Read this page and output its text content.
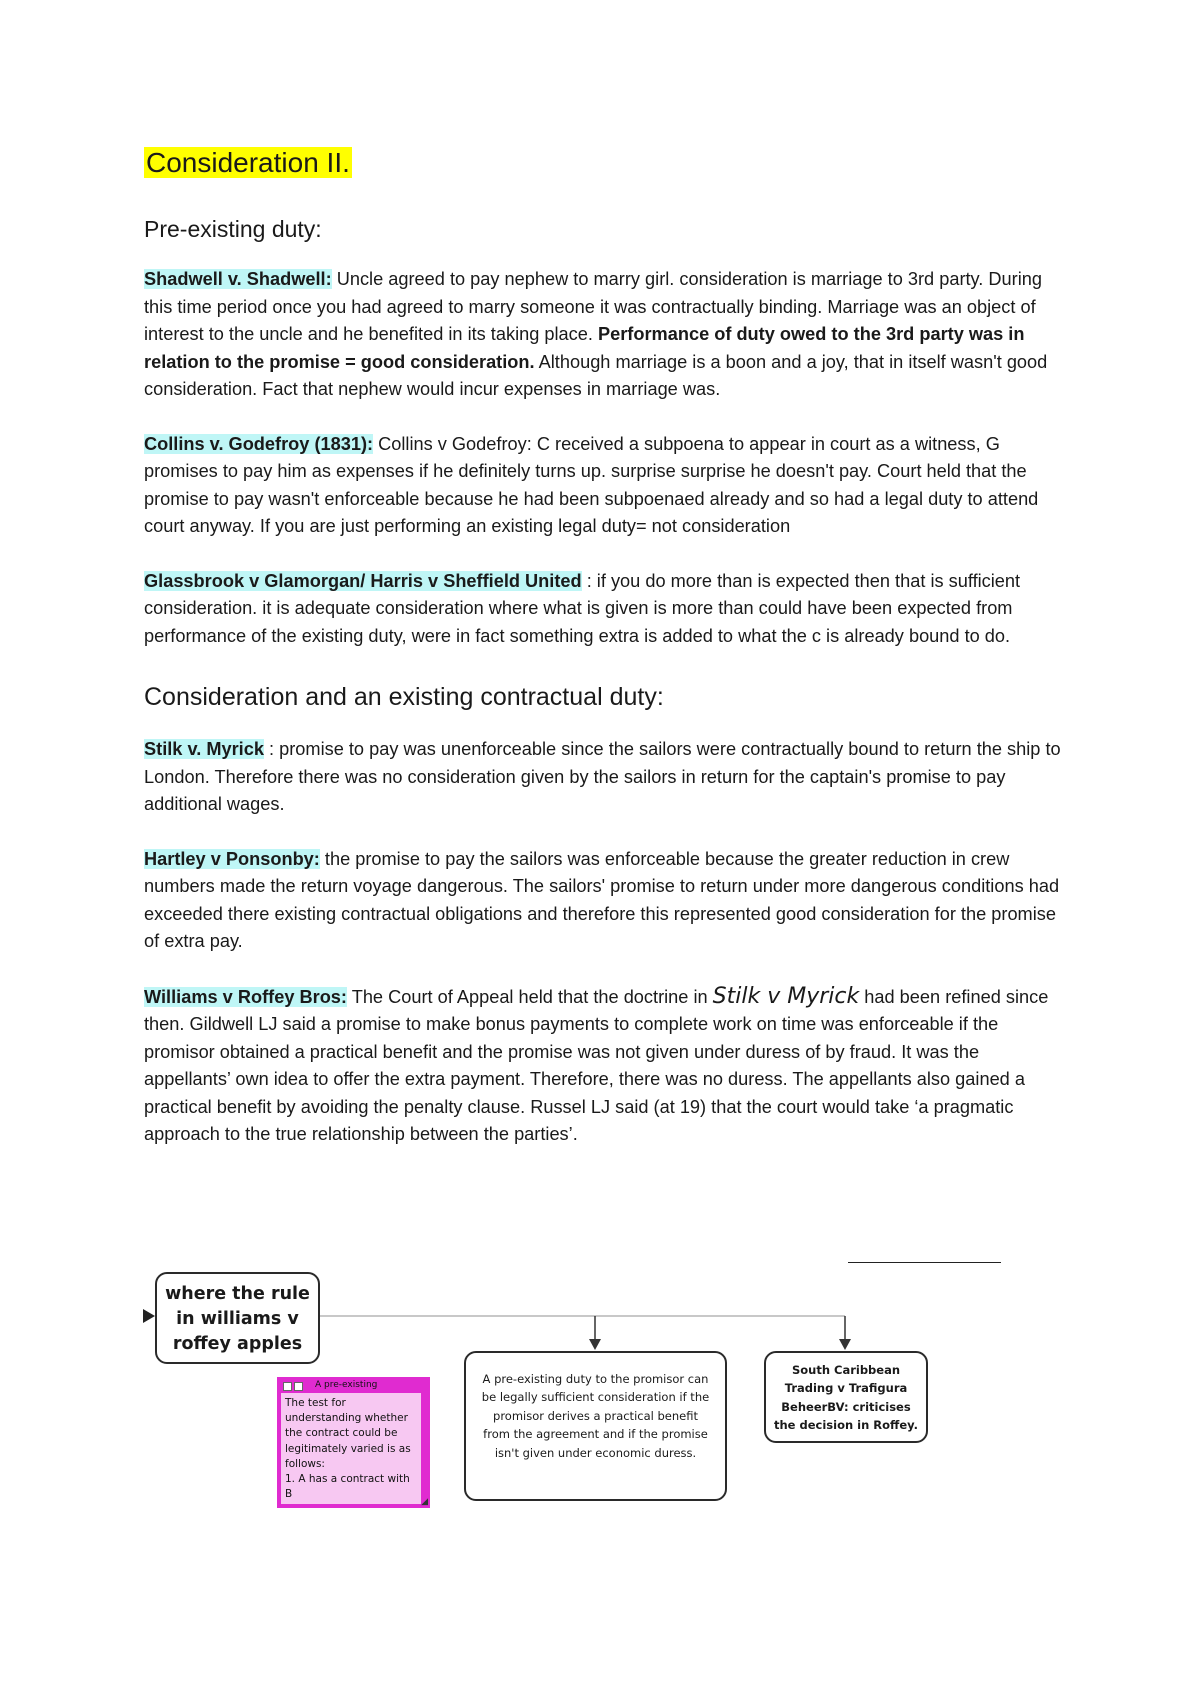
Consideration II.
Pre-existing duty:

Shadwell v. Shadwell: Uncle agreed to pay nephew to marry girl. consideration is marriage to 3rd party. During this time period once you had agreed to marry someone it was contractually binding. Marriage was an object of interest to the uncle and he benefited in its taking place. Performance of duty owed to the 3rd party was in relation to the promise = good consideration. Although marriage is a boon and a joy, that in itself wasn't good consideration. Fact that nephew would incur expenses in marriage was.

Collins v. Godefroy (1831): Collins v Godefroy: C received a subpoena to appear in court as a witness, G promises to pay him as expenses if he definitely turns up. surprise surprise he doesn't pay. Court held that the promise to pay wasn't enforceable because he had been subpoenaed already and so had a legal duty to attend court anyway. If you are just performing an existing legal duty= not consideration

Glassbrook v Glamorgan/ Harris v Sheffield United : if you do more than is expected then that is sufficient consideration. it is adequate consideration where what is given is more than could have been expected from performance of the existing duty, were in fact something extra is added to what the c is already bound to do.

Consideration and an existing contractual duty:

Stilk v. Myrick : promise to pay was unenforceable since the sailors were contractually bound to return the ship to London. Therefore there was no consideration given by the sailors in return for the captain's promise to pay additional wages.

Hartley v Ponsonby: the promise to pay the sailors was enforceable because the greater reduction in crew numbers made the return voyage dangerous. The sailors' promise to return under more dangerous conditions had exceeded there existing contractual obligations and therefore this represented good consideration for the promise of extra pay.

Williams v Roffey Bros: The Court of Appeal held that the doctrine in Stilk v Myrick had been refined since then. Gildwell LJ said a promise to make bonus payments to complete work on time was enforceable if the promisor obtained a practical benefit and the promise was not given under duress of by fraud. It was the appellants’ own idea to offer the extra payment. Therefore, there was no duress. The appellants also gained a practical benefit by avoiding the penalty clause. Russel LJ said (at 19) that the court would take ‘a pragmatic approach to the true relationship between the parties’.

where the rule in williams v roffey apples
A pre-existing
The test for understanding whether the contract could be legitimately varied is as follows:
1. A has a contract with B
◢
A pre-existing duty to the promisor can be legally sufficient consideration if the promisor derives a practical benefit from the agreement and if the promise isn't given under economic duress.
South Caribbean Trading v Trafigura BeheerBV: criticises the decision in Roffey.
